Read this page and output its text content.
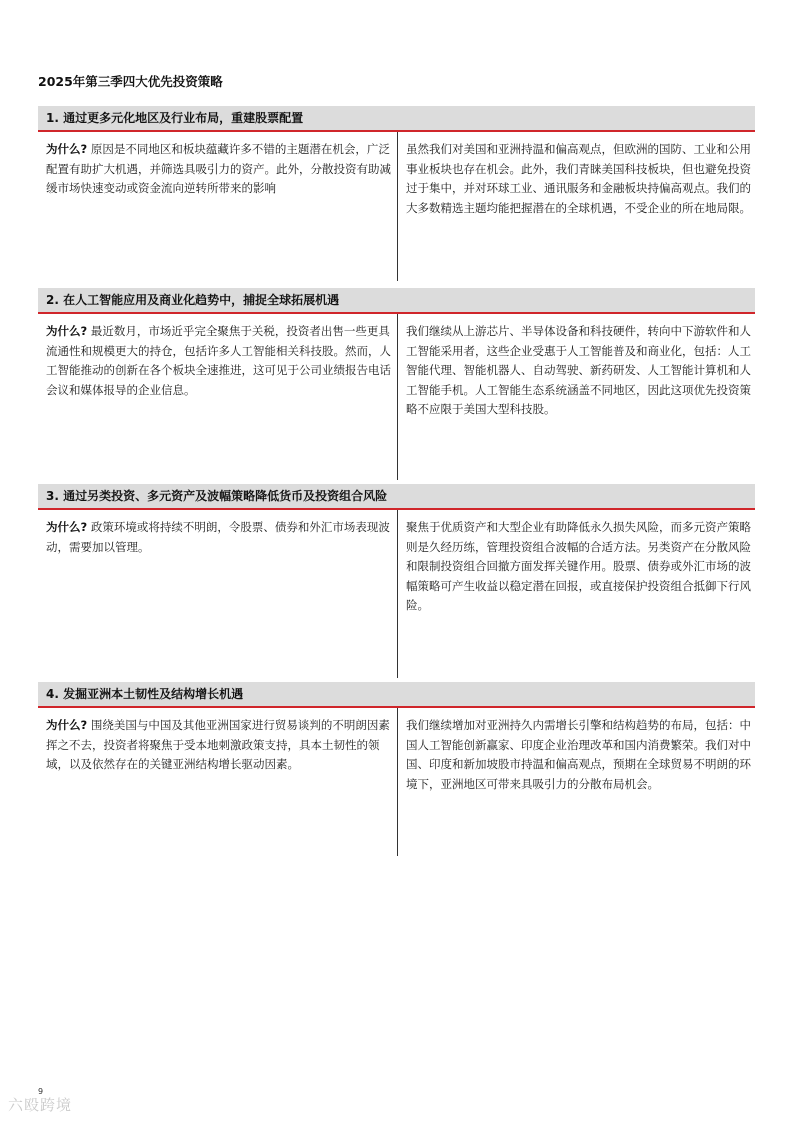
2025年第三季四大优先投资策略
1. 通过更多元化地区及行业布局，重建股票配置
为什么? 原因是不同地区和板块蕴藏许多不错的主题潜在机会，广泛配置有助扩大机遇，并筛选具吸引力的资产。此外，分散投资有助减缓市场快速变动或资金流向逆转所带来的影响
虽然我们对美国和亚洲持温和偏高观点，但欧洲的国防、工业和公用事业板块也存在机会。此外，我们青睐美国科技板块，但也避免投资过于集中，并对环球工业、通讯服务和金融板块持偏高观点。我们的大多数精选主题均能把握潜在的全球机遇，不受企业的所在地局限。
2. 在人工智能应用及商业化趋势中，捕捉全球拓展机遇
为什么? 最近数月，市场近乎完全聚焦于关税，投资者出售一些更具流通性和规模更大的持仓，包括许多人工智能相关科技股。然而，人工智能推动的创新在各个板块全速推进，这可见于公司业绩报告电话会议和媒体报导的企业信息。
我们继续从上游芯片、半导体设备和科技硬件，转向中下游软件和人工智能采用者，这些企业受惠于人工智能普及和商业化，包括：人工智能代理、智能机器人、自动驾驶、新药研发、人工智能计算机和人工智能手机。人工智能生态系统涵盖不同地区，因此这项优先投资策略不应限于美国大型科技股。
3. 通过另类投资、多元资产及波幅策略降低货币及投资组合风险
为什么? 政策环境或将持续不明朗，令股票、债券和外汇市场表现波动，需要加以管理。
聚焦于优质资产和大型企业有助降低永久损失风险，而多元资产策略则是久经历练，管理投资组合波幅的合适方法。另类资产在分散风险和限制投资组合回撤方面发挥关键作用。股票、债券或外汇市场的波幅策略可产生收益以稳定潜在回报，或直接保护投资组合抵御下行风险。
4. 发掘亚洲本土韧性及结构增长机遇
为什么? 围绕美国与中国及其他亚洲国家进行贸易谈判的不明朗因素挥之不去，投资者将聚焦于受本地刺激政策支持，具本土韧性的领域，以及依然存在的关键亚洲结构增长驱动因素。
我们继续增加对亚洲持久内需增长引擎和结构趋势的布局，包括：中国人工智能创新赢家、印度企业治理改革和国内消费繁荣。我们对中国、印度和新加坡股市持温和偏高观点，预期在全球贸易不明朗的环境下，亚洲地区可带来具吸引力的分散布局机会。
9
六殴跨境
